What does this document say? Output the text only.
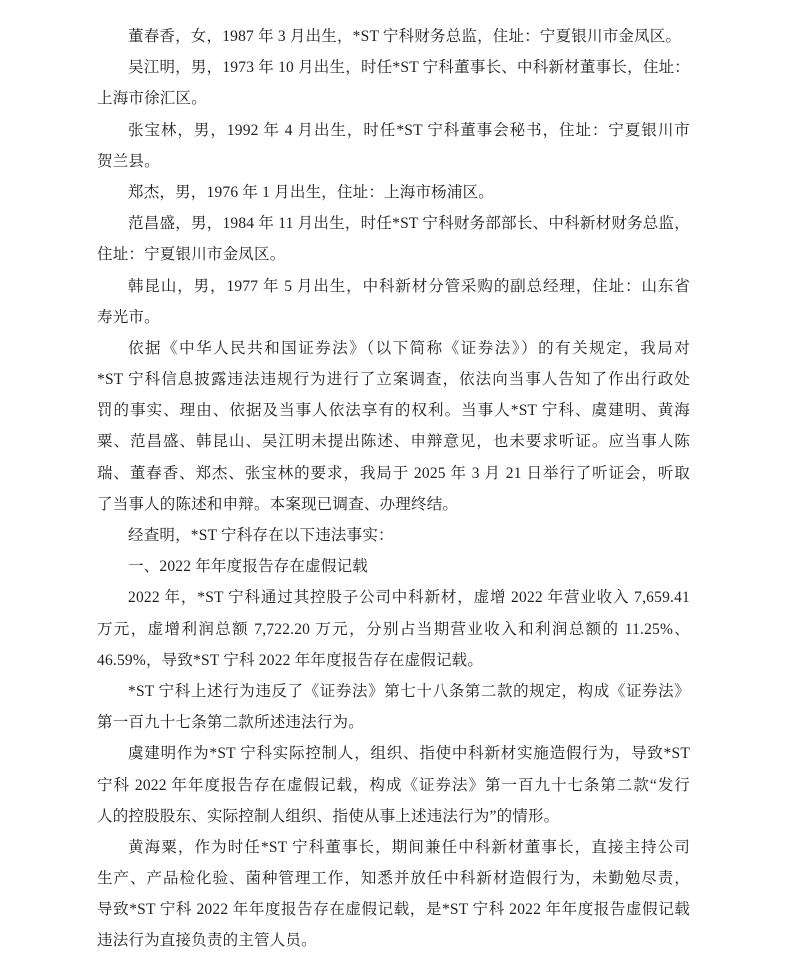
董春香，女，1987 年 3 月出生，*ST 宁科财务总监，住址：宁夏银川市金凤区。
吴江明，男，1973 年 10 月出生，时任*ST 宁科董事长、中科新材董事长，住址：
上海市徐汇区。
张宝林，男，1992 年 4 月出生，时任*ST 宁科董事会秘书，住址：宁夏银川市
贺兰县。
郑杰，男，1976 年 1 月出生，住址：上海市杨浦区。
范昌盛，男，1984 年 11 月出生，时任*ST 宁科财务部部长、中科新材财务总监，
住址：宁夏银川市金凤区。
韩昆山，男，1977 年 5 月出生，中科新材分管采购的副总经理，住址：山东省
寿光市。
依据《中华人民共和国证券法》（以下简称《证券法》）的有关规定，我局对
*ST 宁科信息披露违法违规行为进行了立案调查，依法向当事人告知了作出行政处
罚的事实、理由、依据及当事人依法享有的权利。当事人*ST 宁科、虞建明、黄海
粟、范昌盛、韩昆山、吴江明未提出陈述、申辩意见，也未要求听证。应当事人陈
瑞、董春香、郑杰、张宝林的要求，我局于 2025 年 3 月 21 日举行了听证会，听取
了当事人的陈述和申辩。本案现已调查、办理终结。
经查明，*ST 宁科存在以下违法事实：
一、2022 年年度报告存在虚假记载
2022 年，*ST 宁科通过其控股子公司中科新材，虚增 2022 年营业收入 7,659.41
万元，虚增利润总额 7,722.20 万元，分别占当期营业收入和利润总额的 11.25%、
46.59%，导致*ST 宁科 2022 年年度报告存在虚假记载。
*ST 宁科上述行为违反了《证券法》第七十八条第二款的规定，构成《证券法》
第一百九十七条第二款所述违法行为。
虞建明作为*ST 宁科实际控制人，组织、指使中科新材实施造假行为，导致*ST
宁科 2022 年年度报告存在虚假记载，构成《证券法》第一百九十七条第二款“发行
人的控股股东、实际控制人组织、指使从事上述违法行为”的情形。
黄海粟，作为时任*ST 宁科董事长，期间兼任中科新材董事长，直接主持公司
生产、产品检化验、菌种管理工作，知悉并放任中科新材造假行为，未勤勉尽责，
导致*ST 宁科 2022 年年度报告存在虚假记载，是*ST 宁科 2022 年年度报告虚假记载
违法行为直接负责的主管人员。
